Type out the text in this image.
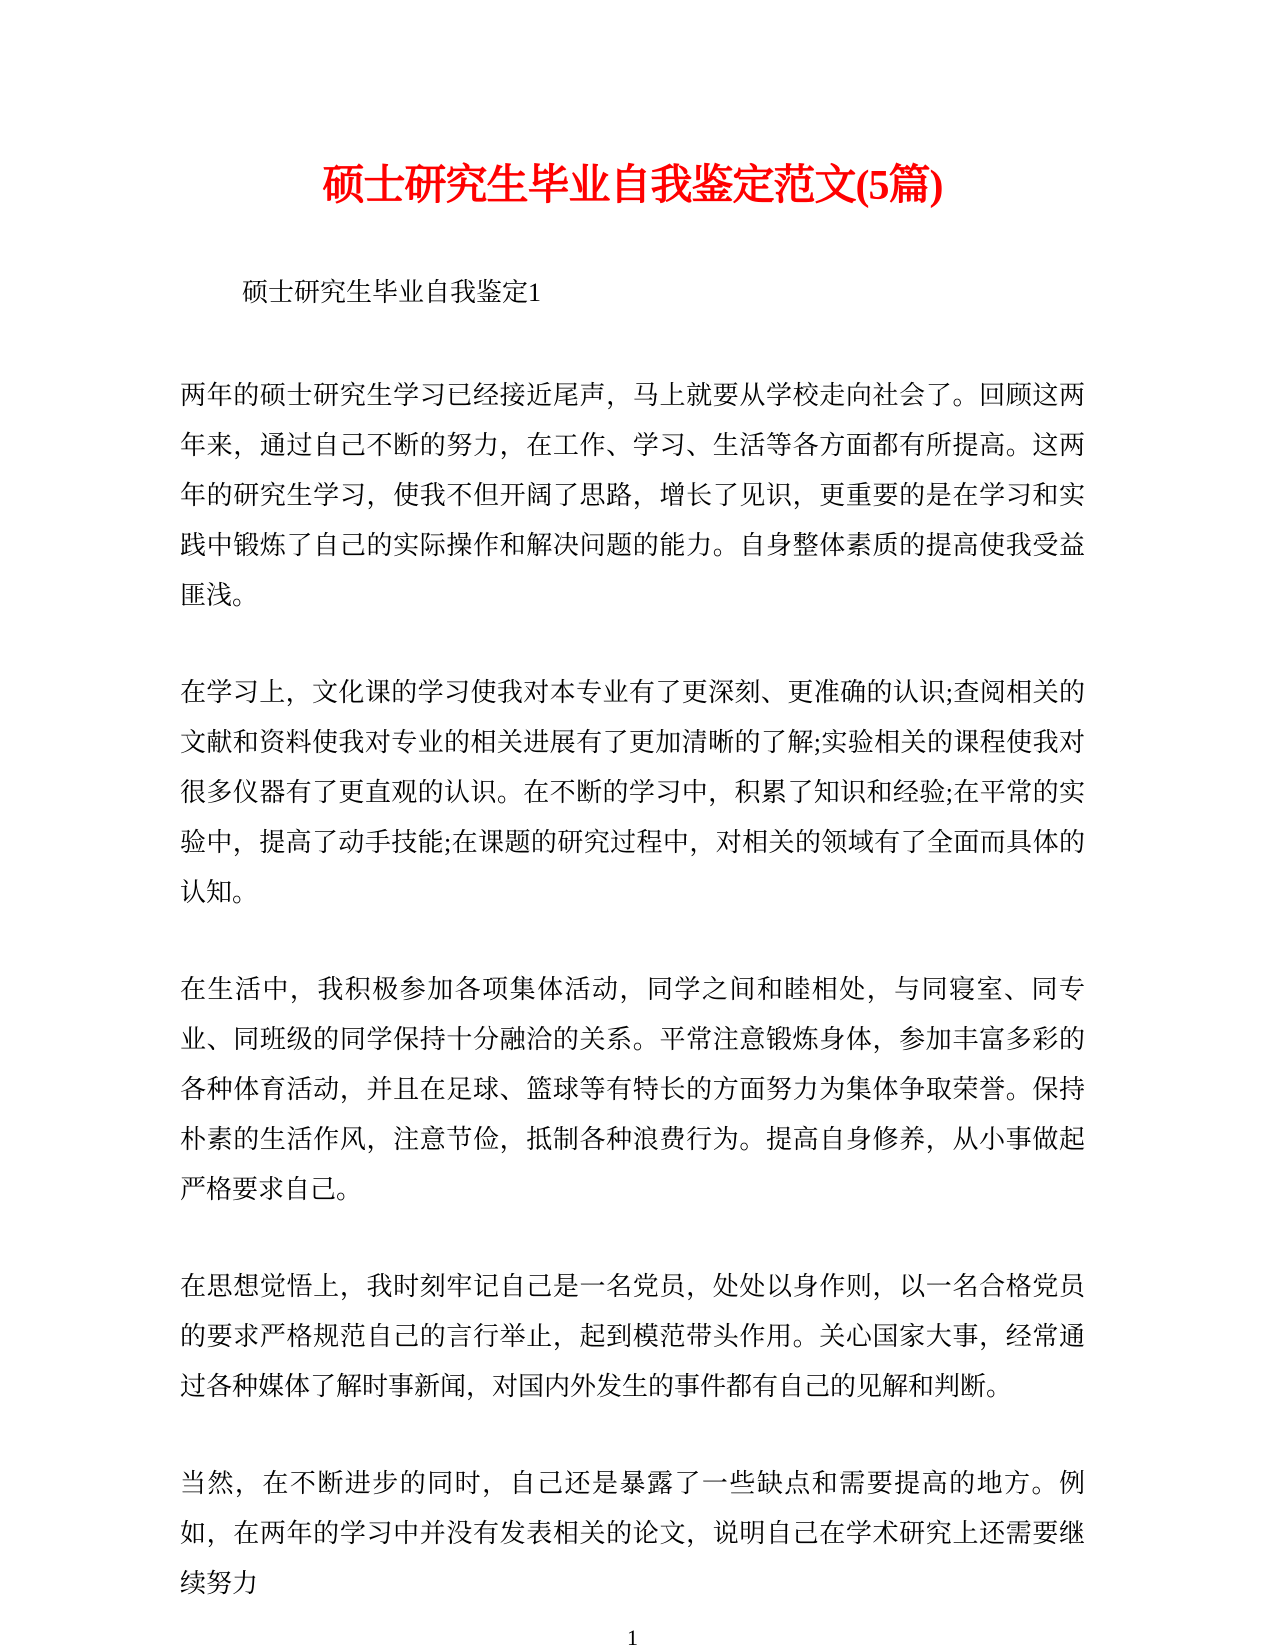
硕士研究生毕业自我鉴定范文(5篇)

硕士研究生毕业自我鉴定1

两年的硕士研究生学习已经接近尾声，马上就要从学校走向社会了。回顾这两年来，通过自己不断的努力，在工作、学习、生活等各方面都有所提高。这两年的研究生学习，使我不但开阔了思路，增长了见识，更重要的是在学习和实践中锻炼了自己的实际操作和解决问题的能力。自身整体素质的提高使我受益匪浅。

在学习上，文化课的学习使我对本专业有了更深刻、更准确的认识;查阅相关的文献和资料使我对专业的相关进展有了更加清晰的了解;实验相关的课程使我对很多仪器有了更直观的认识。在不断的学习中，积累了知识和经验;在平常的实验中，提高了动手技能;在课题的研究过程中，对相关的领域有了全面而具体的认知。

在生活中，我积极参加各项集体活动，同学之间和睦相处，与同寝室、同专业、同班级的同学保持十分融洽的关系。平常注意锻炼身体，参加丰富多彩的各种体育活动，并且在足球、篮球等有特长的方面努力为集体争取荣誉。保持朴素的生活作风，注意节俭，抵制各种浪费行为。提高自身修养，从小事做起严格要求自己。

在思想觉悟上，我时刻牢记自己是一名党员，处处以身作则，以一名合格党员的要求严格规范自己的言行举止，起到模范带头作用。关心国家大事，经常通过各种媒体了解时事新闻，对国内外发生的事件都有自己的见解和判断。

当然，在不断进步的同时，自己还是暴露了一些缺点和需要提高的地方。例如，在两年的学习中并没有发表相关的论文，说明自己在学术研究上还需要继续努力

1
